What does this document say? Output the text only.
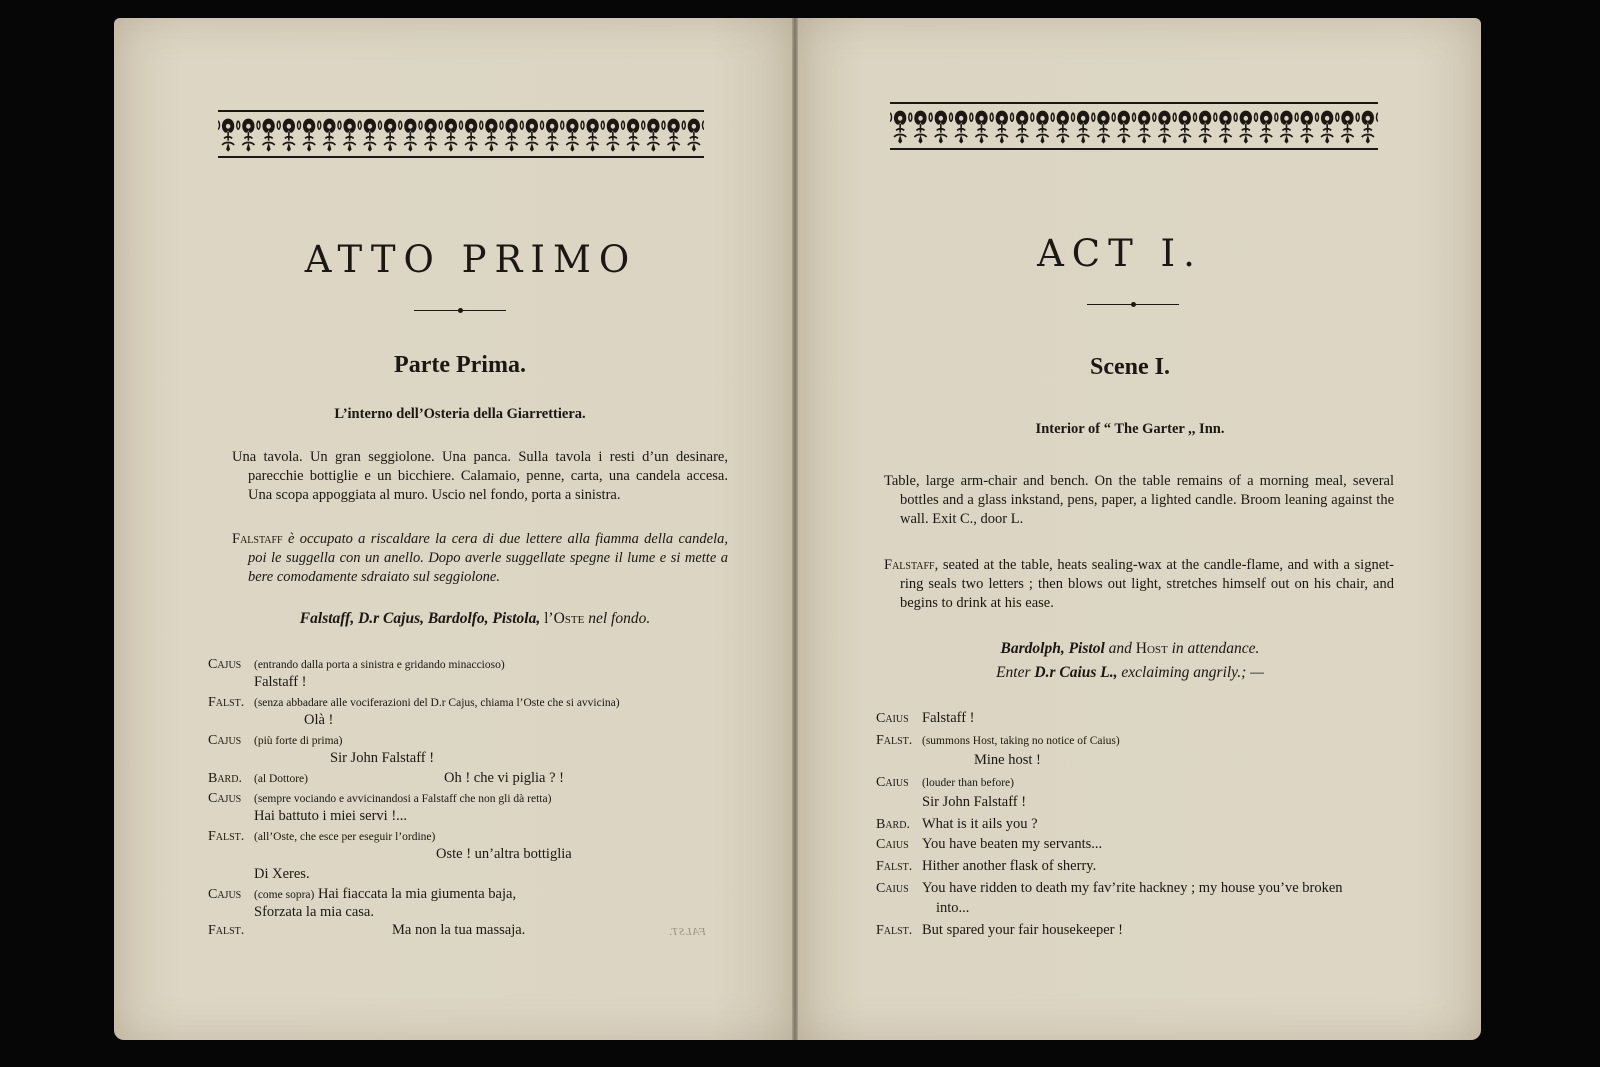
ATTO PRIMO
Parte Prima.
L’interno dell’Osteria della Giarrettiera.
Una tavola. Un gran seggiolone. Una panca. Sulla tavola i resti d’un desinare, parecchie bottiglie e un bicchiere. Calamaio, penne, carta, una candela accesa. Una scopa appoggiata al muro. Uscio nel fondo, porta a sinistra.
Falstaff è occupato a riscaldare la cera di due lettere alla fiamma della candela, poi le suggella con un anello. Dopo averle suggellate spegne il lume e si mette a bere comodamente sdraiato sul seggiolone.
Falstaff, D.r Cajus, Bardolfo, Pistola, l’Oste nel fondo.
Cajus (entrando dalla porta a sinistra e gridando minaccioso)
Falstaff !
Falst. (senza abbadare alle vociferazioni del D.r Cajus, chiama l’Oste che si avvicina)
Olà !
Cajus (più forte di prima)
Sir John Falstaff !
Bard. (al Dottore)	Oh ! che vi piglia ? !
Cajus (sempre vociando e avvicinandosi a Falstaff che non gli dà retta)
Hai battuto i miei servi !...
Falst. (all’Oste, che esce per eseguir l’ordine)
Oste ! un’altra bottiglia
Di Xeres.
Cajus (come sopra) Hai fiaccata la mia giumenta baja,
Sforzata la mia casa.
Falst.	Ma non la tua massaja.	FALST.
ACT I.
Scene I.
Interior of “ The Garter ,, Inn.
Table, large arm-chair and bench. On the table remains of a morning meal, several bottles and a glass inkstand, pens, paper, a lighted candle. Broom leaning against the wall. Exit C., door L.
Falstaff, seated at the table, heats sealing-wax at the candle-flame, and with a signet-ring seals two letters ; then blows out light, stretches himself out on his chair, and begins to drink at his ease.
Bardolph, Pistol and Host in attendance.
Enter D.r Caius L., exclaiming angrily.; —
Caius Falstaff !
Falst. (summons Host, taking no notice of Caius)
Mine host !
Caius (louder than before)
Sir John Falstaff !
Bard. What is it ails you ?
Caius You have beaten my servants...
Falst. Hither another flask of sherry.
Caius You have ridden to death my fav’rite hackney ; my house you’ve broken
into...
Falst. But spared your fair housekeeper !
